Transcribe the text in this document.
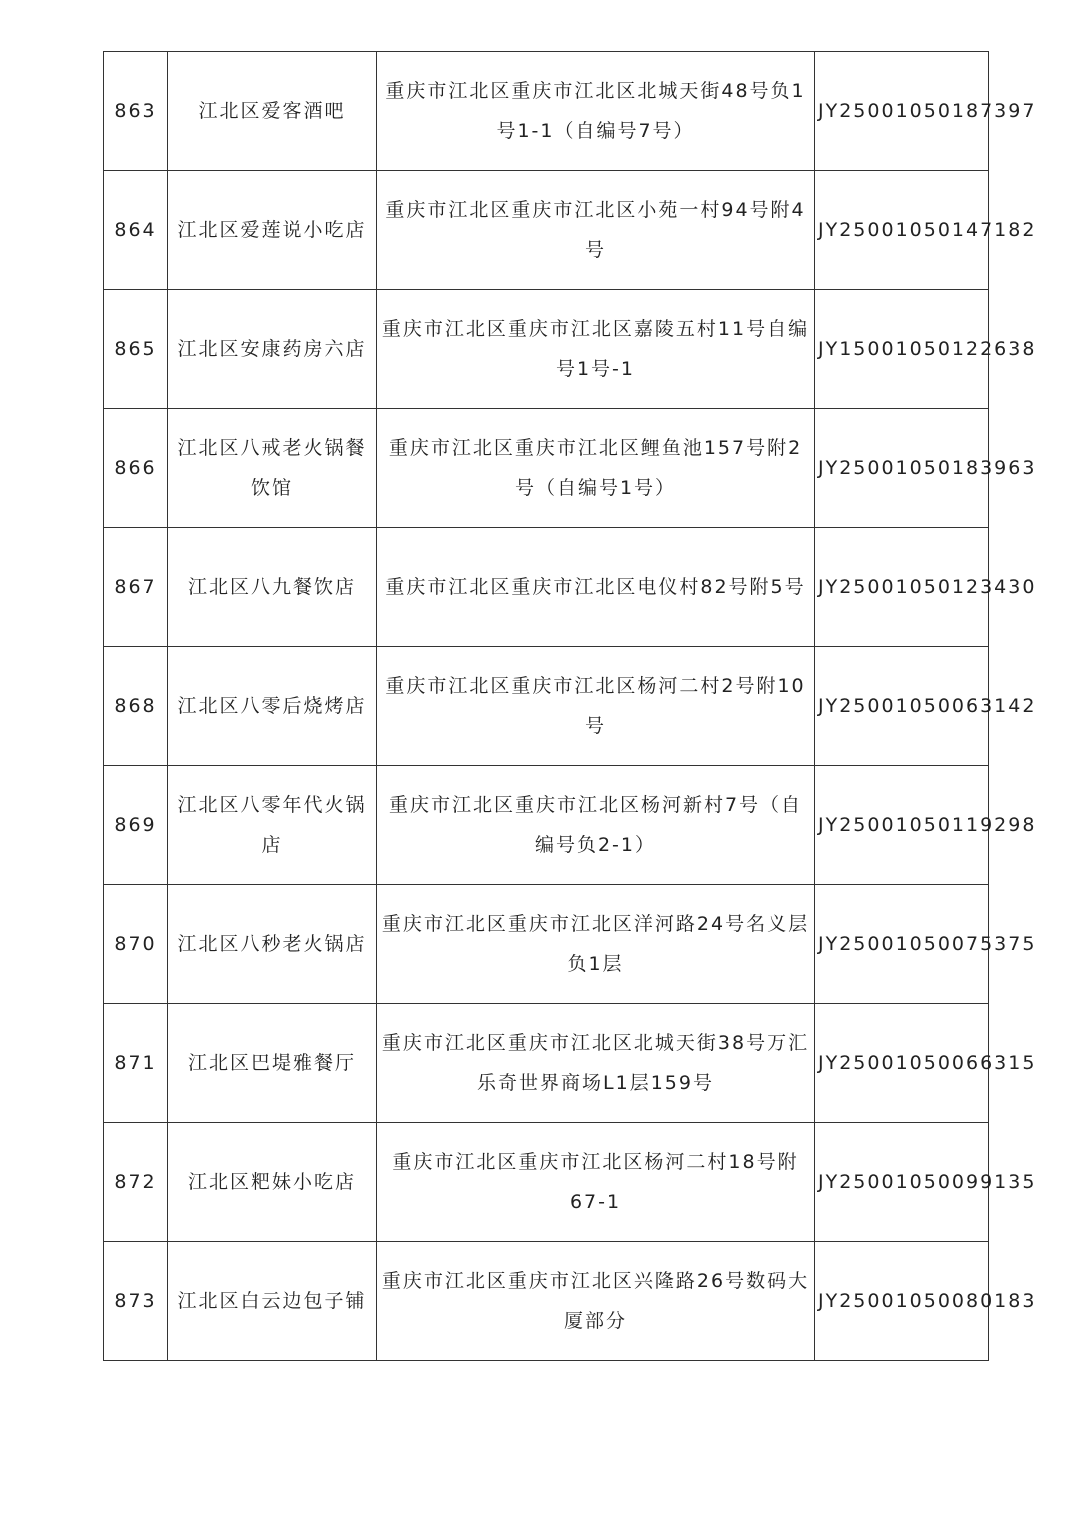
863	江北区爱客酒吧	重庆市江北区重庆市江北区北城天街48号负1号1-1（自编号7号）	JY25001050187397
864	江北区爱莲说小吃店	重庆市江北区重庆市江北区小苑一村94号附4号	JY25001050147182
865	江北区安康药房六店	重庆市江北区重庆市江北区嘉陵五村11号自编号1号-1	JY15001050122638
866	江北区八戒老火锅餐饮馆	重庆市江北区重庆市江北区鲤鱼池157号附2号（自编号1号）	JY25001050183963
867	江北区八九餐饮店	重庆市江北区重庆市江北区电仪村82号附5号	JY25001050123430
868	江北区八零后烧烤店	重庆市江北区重庆市江北区杨河二村2号附10号	JY25001050063142
869	江北区八零年代火锅店	重庆市江北区重庆市江北区杨河新村7号（自编号负2-1）	JY25001050119298
870	江北区八秒老火锅店	重庆市江北区重庆市江北区洋河路24号名义层负1层	JY25001050075375
871	江北区巴堤雅餐厅	重庆市江北区重庆市江北区北城天街38号万汇乐奇世界商场L1层159号	JY25001050066315
872	江北区粑妹小吃店	重庆市江北区重庆市江北区杨河二村18号附67-1	JY25001050099135
873	江北区白云边包子铺	重庆市江北区重庆市江北区兴隆路26号数码大厦部分	JY25001050080183
